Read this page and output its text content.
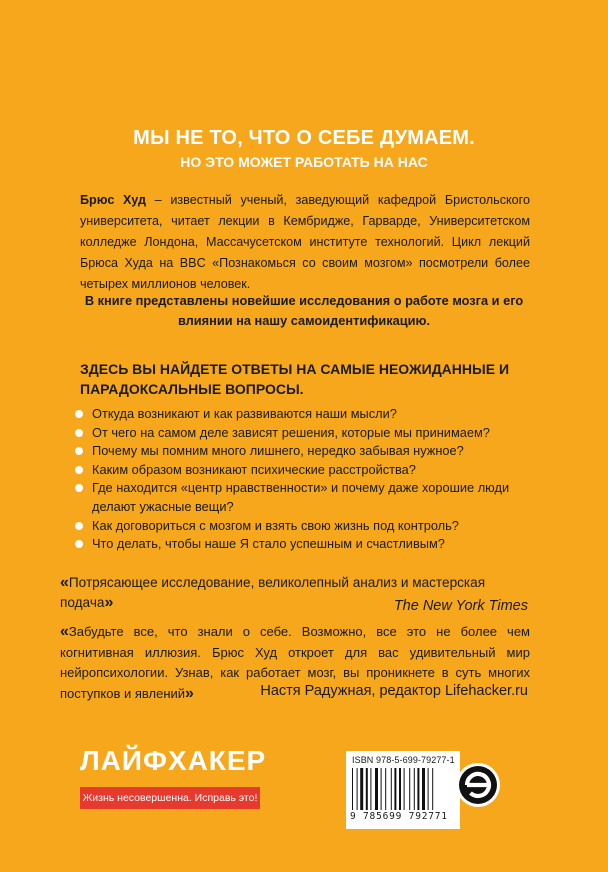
МЫ НЕ ТО, ЧТО О СЕБЕ ДУМАЕМ.
НО ЭТО МОЖЕТ РАБОТАТЬ НА НАС
Брюс Худ – известный ученый, заведующий кафедрой Бристольского университета, читает лекции в Кембридже, Гарварде, Университетском колледже Лондона, Массачусетском институте технологий. Цикл лекций Брюса Худа на BBC «Познакомься со своим мозгом» посмотрели более четырех миллионов человек.
В книге представлены новейшие исследования о работе мозга и его влиянии на нашу самоидентификацию.
ЗДЕСЬ ВЫ НАЙДЕТЕ ОТВЕТЫ НА САМЫЕ НЕОЖИДАННЫЕ И ПАРАДОКСАЛЬНЫЕ ВОПРОСЫ.
Откуда возникают и как развиваются наши мысли?
От чего на самом деле зависят решения, которые мы принимаем?
Почему мы помним много лишнего, нередко забывая нужное?
Каким образом возникают психические расстройства?
Где находится «центр нравственности» и почему даже хорошие люди делают ужасные вещи?
Как договориться с мозгом и взять свою жизнь под контроль?
Что делать, чтобы наше Я стало успешным и счастливым?
«Потрясающее исследование, великолепный анализ и мастерская подача»	The New York Times
«Забудьте все, что знали о себе. Возможно, все это не более чем когнитивная иллюзия. Брюс Худ откроет для вас удивительный мир нейропсихологии. Узнав, как работает мозг, вы проникнете в суть многих поступков и явлений»	Настя Радужная, редактор Lifehacker.ru
ЛАЙФХАКЕР
Жизнь несовершенна. Исправь это!
ISBN 978-5-699-79277-1
9 785699 792771
